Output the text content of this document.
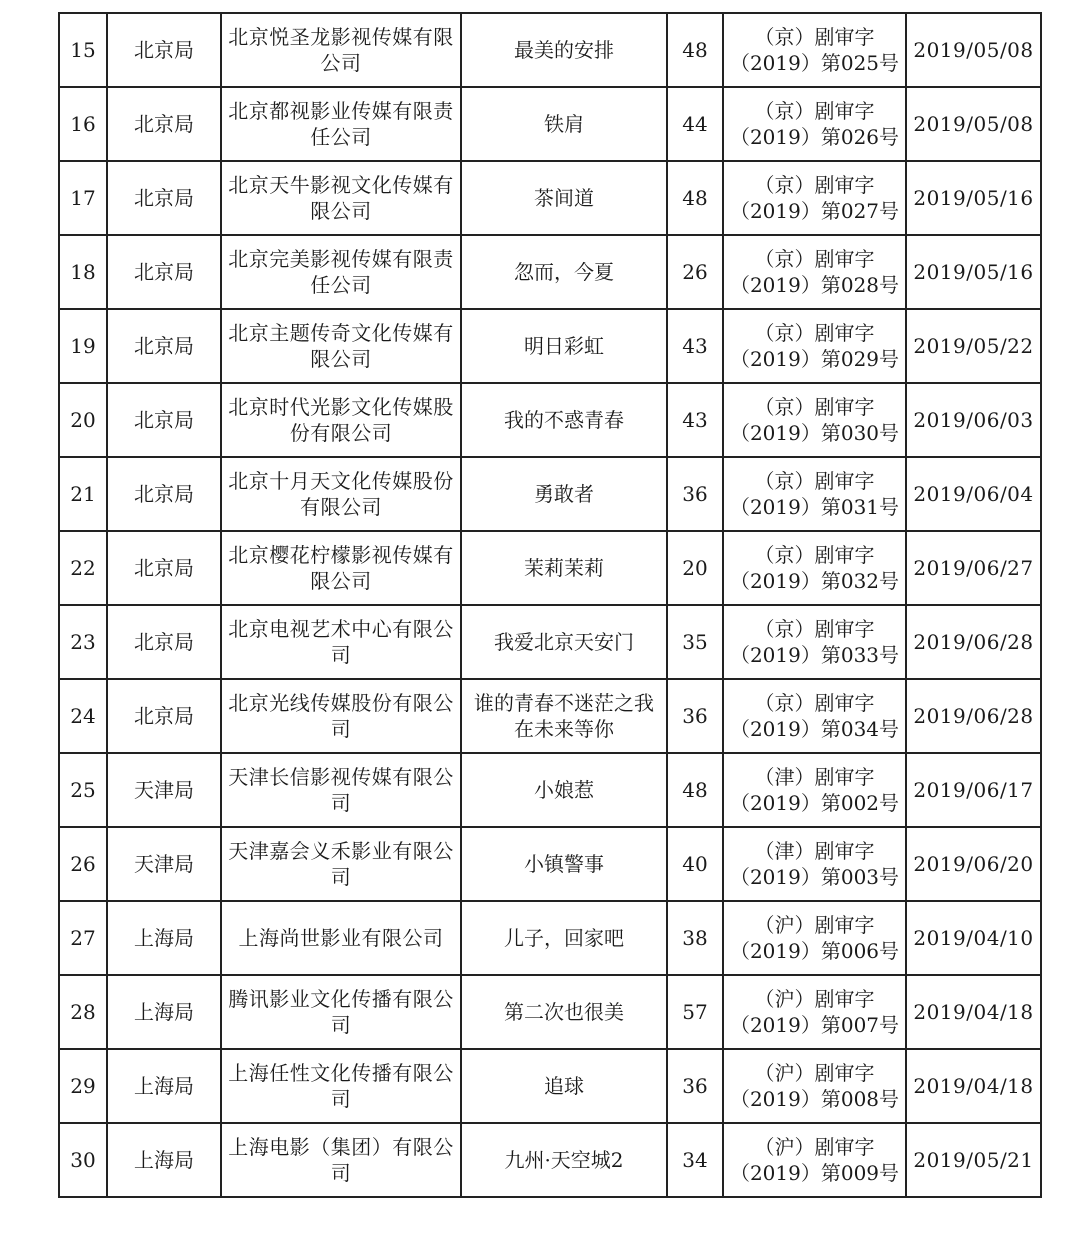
15	北京局	北京悦圣龙影视传媒有限公司	最美的安排	48	（京）剧审字（2019）第025号	2019/05/08
16	北京局	北京都视影业传媒有限责任公司	铁肩	44	（京）剧审字（2019）第026号	2019/05/08
17	北京局	北京天牛影视文化传媒有限公司	茶间道	48	（京）剧审字（2019）第027号	2019/05/16
18	北京局	北京完美影视传媒有限责任公司	忽而，今夏	26	（京）剧审字（2019）第028号	2019/05/16
19	北京局	北京主题传奇文化传媒有限公司	明日彩虹	43	（京）剧审字（2019）第029号	2019/05/22
20	北京局	北京时代光影文化传媒股份有限公司	我的不惑青春	43	（京）剧审字（2019）第030号	2019/06/03
21	北京局	北京十月天文化传媒股份有限公司	勇敢者	36	（京）剧审字（2019）第031号	2019/06/04
22	北京局	北京樱花柠檬影视传媒有限公司	茉莉茉莉	20	（京）剧审字（2019）第032号	2019/06/27
23	北京局	北京电视艺术中心有限公司	我爱北京天安门	35	（京）剧审字（2019）第033号	2019/06/28
24	北京局	北京光线传媒股份有限公司	谁的青春不迷茫之我在未来等你	36	（京）剧审字（2019）第034号	2019/06/28
25	天津局	天津长信影视传媒有限公司	小娘惹	48	（津）剧审字（2019）第002号	2019/06/17
26	天津局	天津嘉会义禾影业有限公司	小镇警事	40	（津）剧审字（2019）第003号	2019/06/20
27	上海局	上海尚世影业有限公司	儿子，回家吧	38	（沪）剧审字（2019）第006号	2019/04/10
28	上海局	腾讯影业文化传播有限公司	第二次也很美	57	（沪）剧审字（2019）第007号	2019/04/18
29	上海局	上海任性文化传播有限公司	追球	36	（沪）剧审字（2019）第008号	2019/04/18
30	上海局	上海电影（集团）有限公司	九州·天空城2	34	（沪）剧审字（2019）第009号	2019/05/21
